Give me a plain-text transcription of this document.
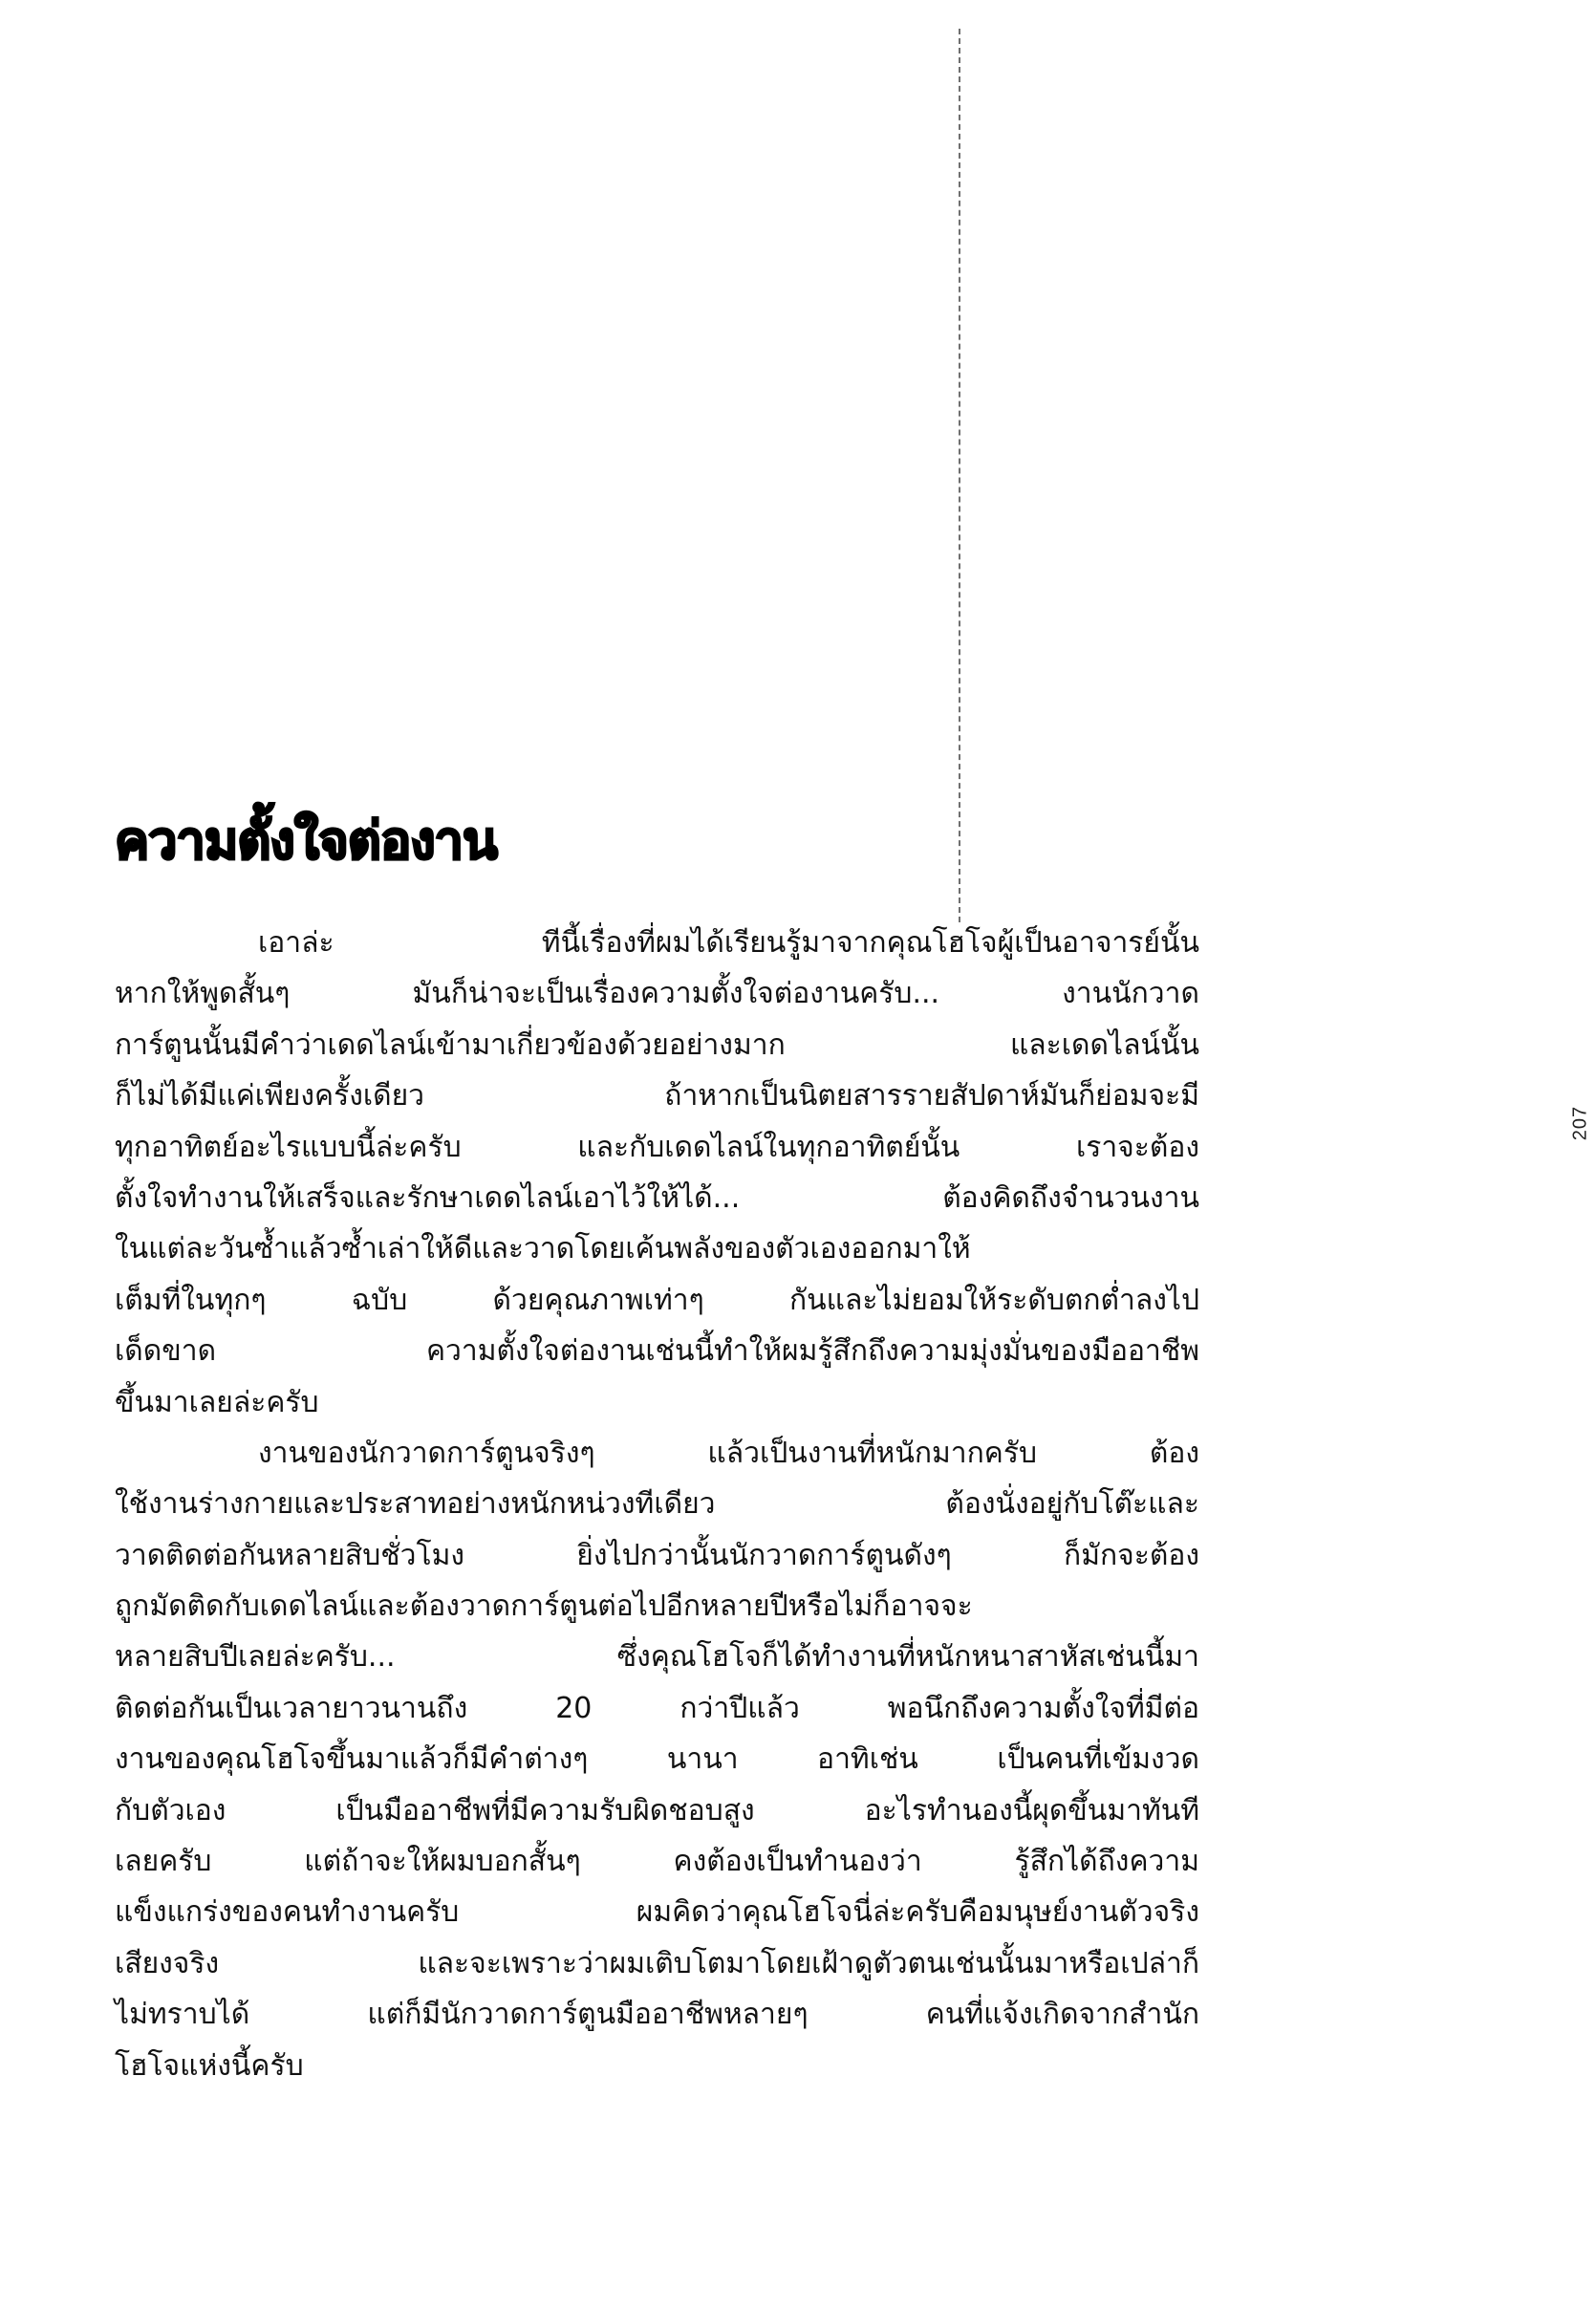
207
ความตั้งใจต่องาน

เอาล่ะ ทีนี้เรื่องที่ผมได้เรียนรู้มาจากคุณโฮโจผู้เป็นอาจารย์นั้น
หากให้พูดสั้นๆ มันก็น่าจะเป็นเรื่องความตั้งใจต่องานครับ... งานนักวาด
การ์ตูนนั้นมีคำว่าเดดไลน์เข้ามาเกี่ยวข้องด้วยอย่างมาก และเดดไลน์นั้น
ก็ไม่ได้มีแค่เพียงครั้งเดียว ถ้าหากเป็นนิตยสารรายสัปดาห์มันก็ย่อมจะมี
ทุกอาทิตย์อะไรแบบนี้ล่ะครับ และกับเดดไลน์ในทุกอาทิตย์นั้น เราจะต้อง
ตั้งใจทำงานให้เสร็จและรักษาเดดไลน์เอาไว้ให้ได้... ต้องคิดถึงจำนวนงาน
ในแต่ละวันซ้ำแล้วซ้ำเล่าให้ดีและวาดโดยเค้นพลังของตัวเองออกมาให้
เต็มที่ในทุกๆ ฉบับ ด้วยคุณภาพเท่าๆ กันและไม่ยอมให้ระดับตกต่ำลงไป
เด็ดขาด ความตั้งใจต่องานเช่นนี้ทำให้ผมรู้สึกถึงความมุ่งมั่นของมืออาชีพ
ขึ้นมาเลยล่ะครับ

งานของนักวาดการ์ตูนจริงๆ แล้วเป็นงานที่หนักมากครับ ต้อง
ใช้งานร่างกายและประสาทอย่างหนักหน่วงทีเดียว ต้องนั่งอยู่กับโต๊ะและ
วาดติดต่อกันหลายสิบชั่วโมง ยิ่งไปกว่านั้นนักวาดการ์ตูนดังๆ ก็มักจะต้อง
ถูกมัดติดกับเดดไลน์และต้องวาดการ์ตูนต่อไปอีกหลายปีหรือไม่ก็อาจจะ
หลายสิบปีเลยล่ะครับ... ซึ่งคุณโฮโจก็ได้ทำงานที่หนักหนาสาหัสเช่นนี้มา
ติดต่อกันเป็นเวลายาวนานถึง 20 กว่าปีแล้ว พอนึกถึงความตั้งใจที่มีต่อ
งานของคุณโฮโจขึ้นมาแล้วก็มีคำต่างๆ นานา อาทิเช่น เป็นคนที่เข้มงวด
กับตัวเอง เป็นมืออาชีพที่มีความรับผิดชอบสูง อะไรทำนองนี้ผุดขึ้นมาทันที
เลยครับ แต่ถ้าจะให้ผมบอกสั้นๆ คงต้องเป็นทำนองว่า รู้สึกได้ถึงความ
แข็งแกร่งของคนทำงานครับ ผมคิดว่าคุณโฮโจนี่ล่ะครับคือมนุษย์งานตัวจริง
เสียงจริง และจะเพราะว่าผมเติบโตมาโดยเฝ้าดูตัวตนเช่นนั้นมาหรือเปล่าก็
ไม่ทราบได้ แต่ก็มีนักวาดการ์ตูนมืออาชีพหลายๆ คนที่แจ้งเกิดจากสำนัก
โฮโจแห่งนี้ครับ
